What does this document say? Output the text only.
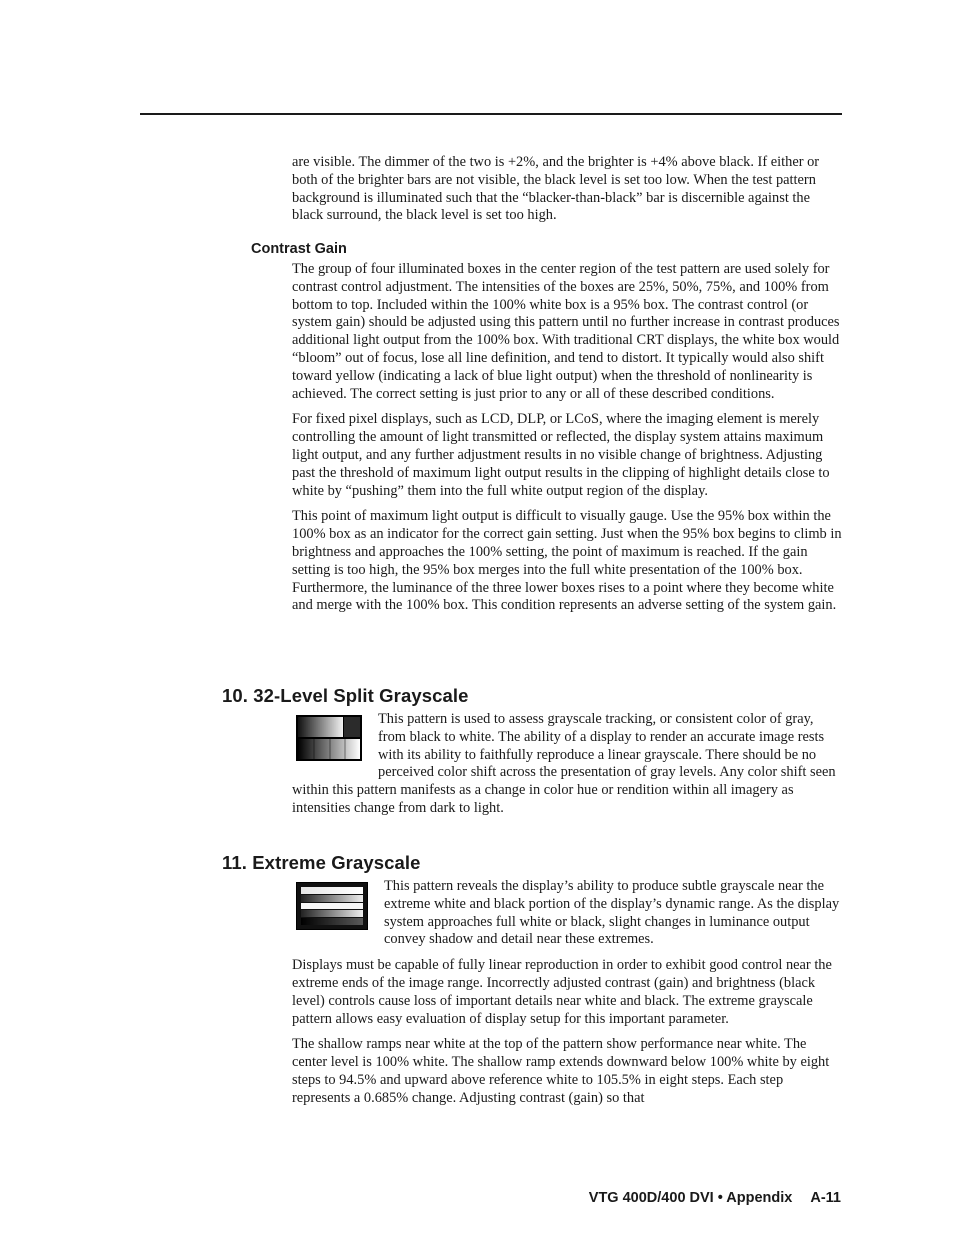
are visible. The dimmer of the two is +2%, and the brighter is +4% above black. If either or both of the brighter bars are not visible, the black level is set too low. When the test pattern background is illuminated such that the “blacker-than-black” bar is discernible against the black surround, the black level is set too high.

Contrast Gain

The group of four illuminated boxes in the center region of the test pattern are used solely for contrast control adjustment. The intensities of the boxes are 25%, 50%, 75%, and 100% from bottom to top. Included within the 100% white box is a 95% box. The contrast control (or system gain) should be adjusted using this pattern until no further increase in contrast produces additional light output from the 100% box. With traditional CRT displays, the white box would “bloom” out of focus, lose all line definition, and tend to distort. It typically would also shift toward yellow (indicating a lack of blue light output) when the threshold of nonlinearity is achieved. The correct setting is just prior to any or all of these described conditions.

For fixed pixel displays, such as LCD, DLP, or LCoS, where the imaging element is merely controlling the amount of light transmitted or reflected, the display system attains maximum light output, and any further adjustment results in no visible change of brightness. Adjusting past the threshold of maximum light output results in the clipping of highlight details close to white by “pushing” them into the full white output region of the display.

This point of maximum light output is difficult to visually gauge. Use the 95% box within the 100% box as an indicator for the correct gain setting. Just when the 95% box begins to climb in brightness and approaches the 100% setting, the point of maximum is reached. If the gain setting is too high, the 95% box merges into the full white presentation of the 100% box. Furthermore, the luminance of the three lower boxes rises to a point where they become white and merge with the 100% box. This condition represents an adverse setting of the system gain.

10. 32-Level Split Grayscale

This pattern is used to assess grayscale tracking, or consistent color of gray, from black to white. The ability of a display to render an accurate image rests with its ability to faithfully reproduce a linear grayscale. There should be no perceived color shift across the presentation of gray levels. Any color shift seen within this pattern manifests as a change in color hue or rendition within all imagery as intensities change from dark to light.

11. Extreme Grayscale

This pattern reveals the display’s ability to produce subtle grayscale near the extreme white and black portion of the display’s dynamic range. As the display system approaches full white or black, slight changes in luminance output convey shadow and detail near these extremes.

Displays must be capable of fully linear reproduction in order to exhibit good control near the extreme ends of the image range. Incorrectly adjusted contrast (gain) and brightness (black level) controls cause loss of important details near white and black. The extreme grayscale pattern allows easy evaluation of display setup for this important parameter.

The shallow ramps near white at the top of the pattern show performance near white. The center level is 100% white. The shallow ramp extends downward below 100% white by eight steps to 94.5% and upward above reference white to 105.5% in eight steps. Each step represents a 0.685% change. Adjusting contrast (gain) so that

VTG 400D/400 DVI • Appendix A-11
